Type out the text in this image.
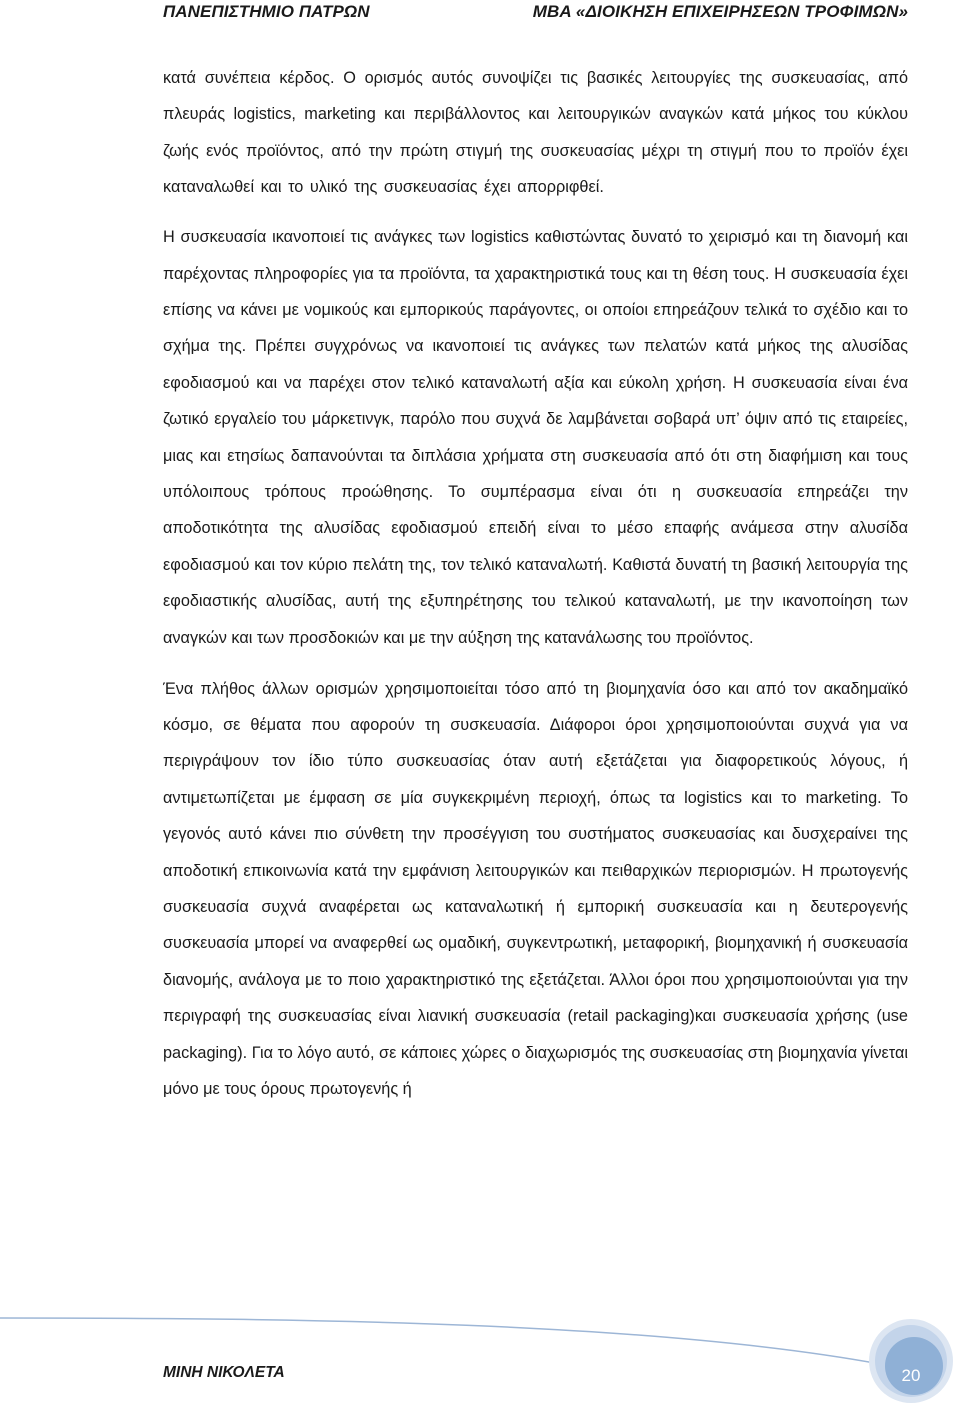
ΠΑΝΕΠΙΣΤΗΜΙΟ ΠΑΤΡΩΝ	MBA «ΔΙΟΙΚΗΣΗ ΕΠΙΧΕΙΡΗΣΕΩΝ ΤΡΟΦΙΜΩΝ»

κατά συνέπεια κέρδος. Ο ορισμός αυτός συνοψίζει τις βασικές λειτουργίες της συσκευασίας, από πλευράς logistics, marketing και περιβάλλοντος και λειτουργικών αναγκών κατά μήκος του κύκλου ζωής ενός προϊόντος, από την πρώτη στιγμή της συσκευασίας μέχρι τη στιγμή που το προϊόν έχει καταναλωθεί και το υλικό της συσκευασίας έχει απορριφθεί.

Η συσκευασία ικανοποιεί τις ανάγκες των logistics καθιστώντας δυνατό το χειρισμό και τη διανομή και παρέχοντας πληροφορίες για τα προϊόντα, τα χαρακτηριστικά τους και τη θέση τους. Η συσκευασία έχει επίσης να κάνει με νομικούς και εμπορικούς παράγοντες, οι οποίοι επηρεάζουν τελικά το σχέδιο και το σχήμα της. Πρέπει συγχρόνως να ικανοποιεί τις ανάγκες των πελατών κατά μήκος της αλυσίδας εφοδιασμού και να παρέχει στον τελικό καταναλωτή αξία και εύκολη χρήση. Η συσκευασία είναι ένα ζωτικό εργαλείο του μάρκετινγκ, παρόλο που συχνά δε λαμβάνεται σοβαρά υπ’ όψιν από τις εταιρείες, μιας και ετησίως δαπανούνται τα διπλάσια χρήματα στη συσκευασία από ότι στη διαφήμιση και τους υπόλοιπους τρόπους προώθησης. Το συμπέρασμα είναι ότι η συσκευασία επηρεάζει την αποδοτικότητα της αλυσίδας εφοδιασμού επειδή είναι το μέσο επαφής ανάμεσα στην αλυσίδα εφοδιασμού και τον κύριο πελάτη της, τον τελικό καταναλωτή. Καθιστά δυνατή τη βασική λειτουργία της εφοδιαστικής αλυσίδας, αυτή της εξυπηρέτησης του τελικού καταναλωτή, με την ικανοποίηση των αναγκών και των προσδοκιών και με την αύξηση της κατανάλωσης του προϊόντος.

Ένα πλήθος άλλων ορισμών χρησιμοποιείται τόσο από τη βιομηχανία όσο και από τον ακαδημαϊκό κόσμο, σε θέματα που αφορούν τη συσκευασία. Διάφοροι όροι χρησιμοποιούνται συχνά για να περιγράψουν τον ίδιο τύπο συσκευασίας όταν αυτή εξετάζεται για διαφορετικούς λόγους, ή αντιμετωπίζεται με έμφαση σε μία συγκεκριμένη περιοχή, όπως τα logistics και το marketing. Το γεγονός αυτό κάνει πιο σύνθετη την προσέγγιση του συστήματος συσκευασίας και δυσχεραίνει της αποδοτική επικοινωνία κατά την εμφάνιση λειτουργικών και πειθαρχικών περιορισμών. Η πρωτογενής συσκευασία συχνά αναφέρεται ως καταναλωτική ή εμπορική συσκευασία και η δευτερογενής συσκευασία μπορεί να αναφερθεί ως ομαδική, συγκεντρωτική, μεταφορική, βιομηχανική ή συσκευασία διανομής, ανάλογα με το ποιο χαρακτηριστικό της εξετάζεται. Άλλοι όροι που χρησιμοποιούνται για την περιγραφή της συσκευασίας είναι λιανική συσκευασία (retail packaging)και συσκευασία χρήσης (use packaging). Για το λόγο αυτό, σε κάποιες χώρες ο διαχωρισμός της συσκευασίας στη βιομηχανία γίνεται μόνο με τους όρους πρωτογενής ή

ΜΙΝΗ ΝΙΚΟΛΕΤΑ	20
